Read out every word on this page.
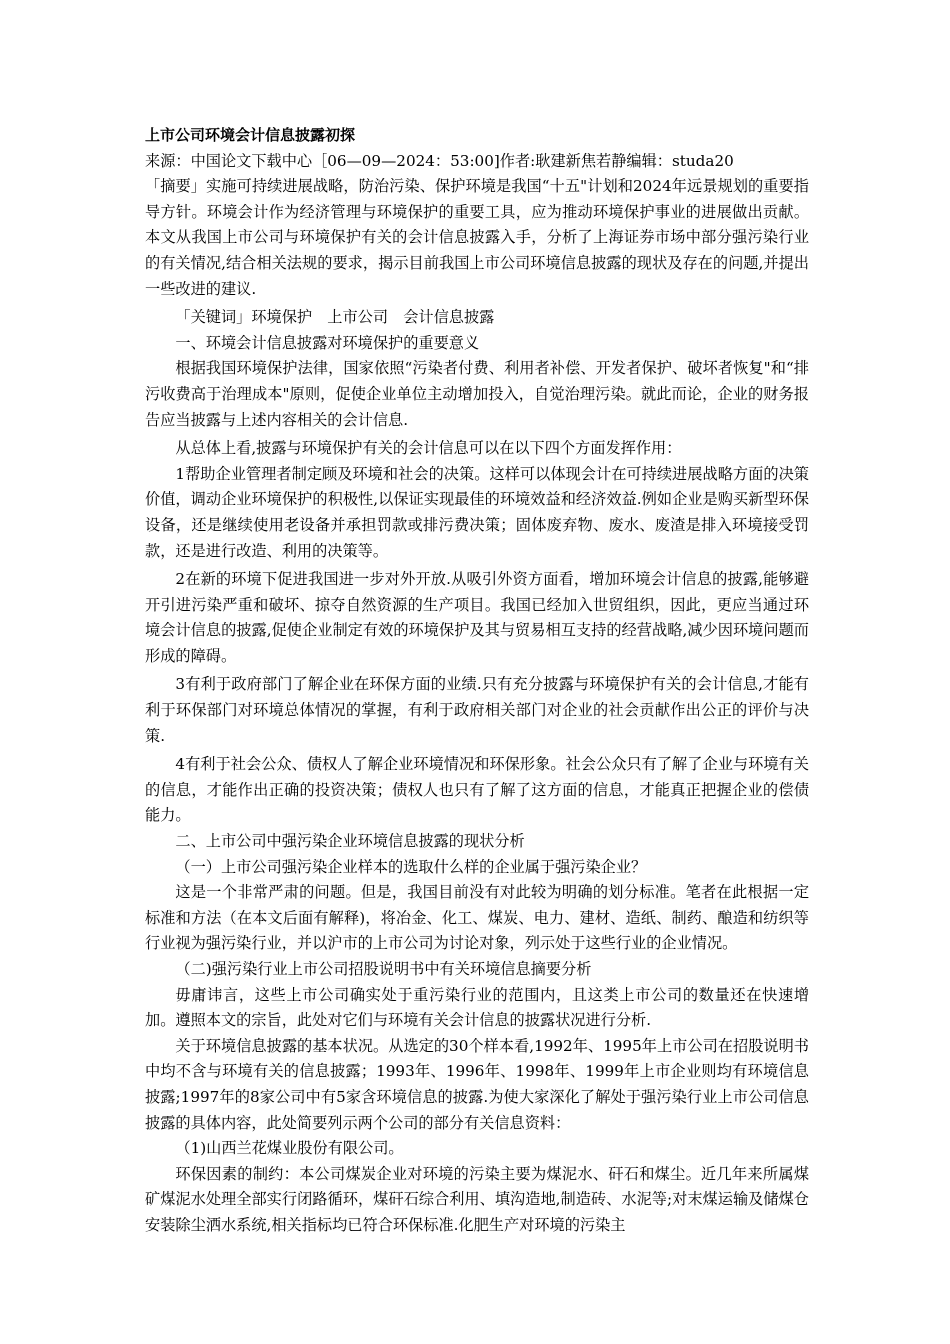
上市公司环境会计信息披露初探

来源：中国论文下载中心［06—09—2024：53:00]作者:耿建新焦若静编辑：studa20

「摘要」实施可持续进展战略，防治污染、保护环境是我国“十五"计划和2024年远景规划的重要指导方针。环境会计作为经济管理与环境保护的重要工具，应为推动环境保护事业的进展做出贡献。本文从我国上市公司与环境保护有关的会计信息披露入手，分析了上海证券市场中部分强污染行业的有关情况,结合相关法规的要求，揭示目前我国上市公司环境信息披露的现状及存在的问题,并提出一些改进的建议.

「关键词」环境保护　上市公司　会计信息披露

一、环境会计信息披露对环境保护的重要意义

根据我国环境保护法律，国家依照“污染者付费、利用者补偿、开发者保护、破坏者恢复"和“排污收费高于治理成本"原则，促使企业单位主动增加投入，自觉治理污染。就此而论，企业的财务报告应当披露与上述内容相关的会计信息.

从总体上看,披露与环境保护有关的会计信息可以在以下四个方面发挥作用：

1帮助企业管理者制定顾及环境和社会的决策。这样可以体现会计在可持续进展战略方面的决策价值，调动企业环境保护的积极性,以保证实现最佳的环境效益和经济效益.例如企业是购买新型环保设备，还是继续使用老设备并承担罚款或排污费决策；固体废弃物、废水、废渣是排入环境接受罚款，还是进行改造、利用的决策等。

2在新的环境下促进我国进一步对外开放.从吸引外资方面看，增加环境会计信息的披露,能够避开引进污染严重和破坏、掠夺自然资源的生产项目。我国已经加入世贸组织，因此，更应当通过环境会计信息的披露,促使企业制定有效的环境保护及其与贸易相互支持的经营战略,减少因环境问题而形成的障碍。

3有利于政府部门了解企业在环保方面的业绩.只有充分披露与环境保护有关的会计信息,才能有利于环保部门对环境总体情况的掌握，有利于政府相关部门对企业的社会贡献作出公正的评价与决策.

4有利于社会公众、债权人了解企业环境情况和环保形象。社会公众只有了解了企业与环境有关的信息，才能作出正确的投资决策；债权人也只有了解了这方面的信息，才能真正把握企业的偿债能力。

二、上市公司中强污染企业环境信息披露的现状分析

（一）上市公司强污染企业样本的选取什么样的企业属于强污染企业？

这是一个非常严肃的问题。但是，我国目前没有对此较为明确的划分标准。笔者在此根据一定标准和方法（在本文后面有解释)，将冶金、化工、煤炭、电力、建材、造纸、制药、酿造和纺织等行业视为强污染行业，并以沪市的上市公司为讨论对象，列示处于这些行业的企业情况。

（二)强污染行业上市公司招股说明书中有关环境信息摘要分析

毋庸讳言，这些上市公司确实处于重污染行业的范围内，且这类上市公司的数量还在快速增加。遵照本文的宗旨，此处对它们与环境有关会计信息的披露状况进行分析.

关于环境信息披露的基本状况。从选定的30个样本看,1992年、1995年上市公司在招股说明书中均不含与环境有关的信息披露；1993年、1996年、1998年、1999年上市企业则均有环境信息披露;1997年的8家公司中有5家含环境信息的披露.为使大家深化了解处于强污染行业上市公司信息披露的具体内容，此处简要列示两个公司的部分有关信息资料：

（1)山西兰花煤业股份有限公司。

环保因素的制约：本公司煤炭企业对环境的污染主要为煤泥水、矸石和煤尘。近几年来所属煤矿煤泥水处理全部实行闭路循环，煤矸石综合利用、填沟造地,制造砖、水泥等;对末煤运输及储煤仓安装除尘洒水系统,相关指标均已符合环保标准.化肥生产对环境的污染主
